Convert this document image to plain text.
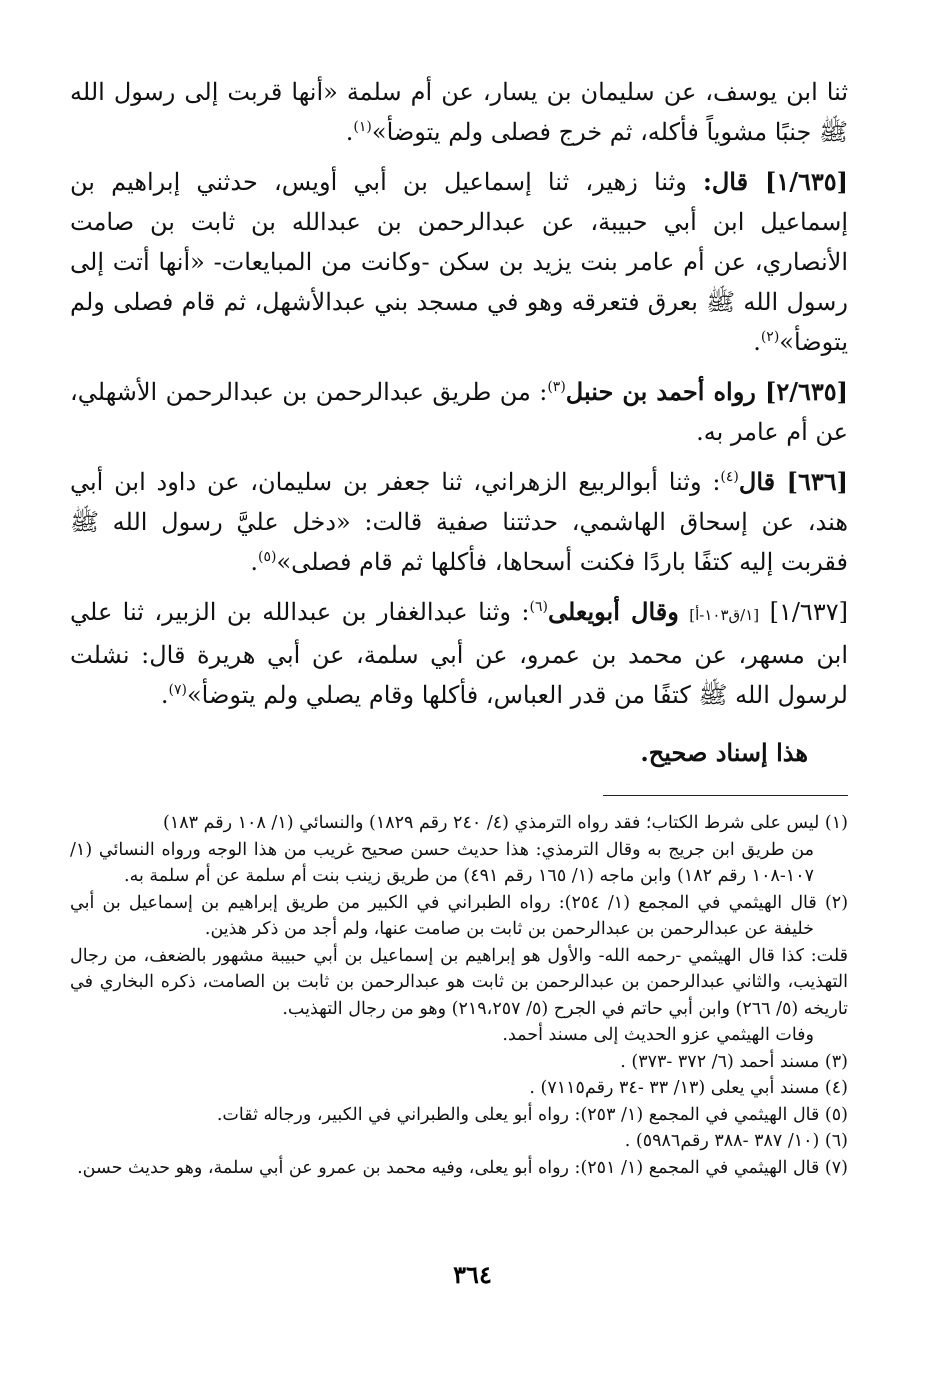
ثنا ابن يوسف، عن سليمان بن يسار، عن أم سلمة «أنها قربت إلى رسول الله ﷺ جنبًا مشوياً فأكله، ثم خرج فصلى ولم يتوضأ»$^{(١)}$.

[١/٦٣٥] قال: وثنا زهير، ثنا إسماعيل بن أبي أويس، حدثني إبراهيم بن إسماعيل ابن أبي حبيبة، عن عبدالرحمن بن عبدالله بن ثابت بن صامت الأنصاري، عن أم عامر بنت يزيد بن سكن -وكانت من المبايعات- «أنها أتت إلى رسول الله ﷺ بعرق فتعرقه وهو في مسجد بني عبدالأشهل، ثم قام فصلى ولم يتوضأ»$^{(٢)}$.

[٢/٦٣٥] رواه أحمد بن حنبل$^{(٣)}$: من طريق عبدالرحمن بن عبدالرحمن الأشهلي، عن أم عامر به.

[٦٣٦] قال$^{(٤)}$: وثنا أبوالربيع الزهراني، ثنا جعفر بن سليمان، عن داود ابن أبي هند، عن إسحاق الهاشمي، حدثتنا صفية قالت: «دخل عليَّ رسول الله ﷺ فقربت إليه كتفًا باردًا فكنت أسحاها، فأكلها ثم قام فصلى»$^{(٥)}$.

[١/٦٣٧] [١/ق١٠٣-أ] وقال أبويعلى$^{(٦)}$: وثنا عبدالغفار بن عبدالله بن الزبير، ثنا علي ابن مسهر، عن محمد بن عمرو، عن أبي سلمة، عن أبي هريرة قال: نشلت لرسول الله ﷺ كتفًا من قدر العباس، فأكلها وقام يصلي ولم يتوضأ»$^{(٧)}$.

هذا إسناد صحيح.
(١) ليس على شرط الكتاب؛ فقد رواه الترمذي (٤/ ٢٤٠ رقم ١٨٢٩) والنسائي (١/ ١٠٨ رقم ١٨٣)
من طريق ابن جريج به وقال الترمذي: هذا حديث حسن صحيح غريب من هذا الوجه ورواه النسائي (١/ ١٠٧-١٠٨ رقم ١٨٢) وابن ماجه (١/ ١٦٥ رقم ٤٩١) من طريق زينب بنت أم سلمة عن أم سلمة به.
(٢) قال الهيثمي في المجمع (١/ ٢٥٤): رواه الطبراني في الكبير من طريق إبراهيم بن إسماعيل بن أبي خليفة عن عبدالرحمن بن عبدالرحمن بن ثابت بن صامت عنها، ولم أجد من ذكر هذين.
قلت: كذا قال الهيثمي -رحمه الله- والأول هو إبراهيم بن إسماعيل بن أبي حبيبة مشهور بالضعف، من رجال التهذيب، والثاني عبدالرحمن بن عبدالرحمن بن ثابت هو عبدالرحمن بن ثابت بن الصامت، ذكره البخاري في تاريخه (٥/ ٢٦٦) وابن أبي حاتم في الجرح (٥/ ٢١٩،٢٥٧) وهو من رجال التهذيب.
وفات الهيثمي عزو الحديث إلى مسند أحمد.
(٣) مسند أحمد (٦/ ٣٧٢ -٣٧٣) .
(٤) مسند أبي يعلى (١٣/ ٣٣ -٣٤ رقم٧١١٥) .
(٥) قال الهيثمي في المجمع (١/ ٢٥٣): رواه أبو يعلى والطبراني في الكبير، ورجاله ثقات.
(٦) (١٠/ ٣٨٧ -٣٨٨ رقم٥٩٨٦) .
(٧) قال الهيثمي في المجمع (١/ ٢٥١): رواه أبو يعلى، وفيه محمد بن عمرو عن أبي سلمة، وهو حديث حسن.
٣٦٤
